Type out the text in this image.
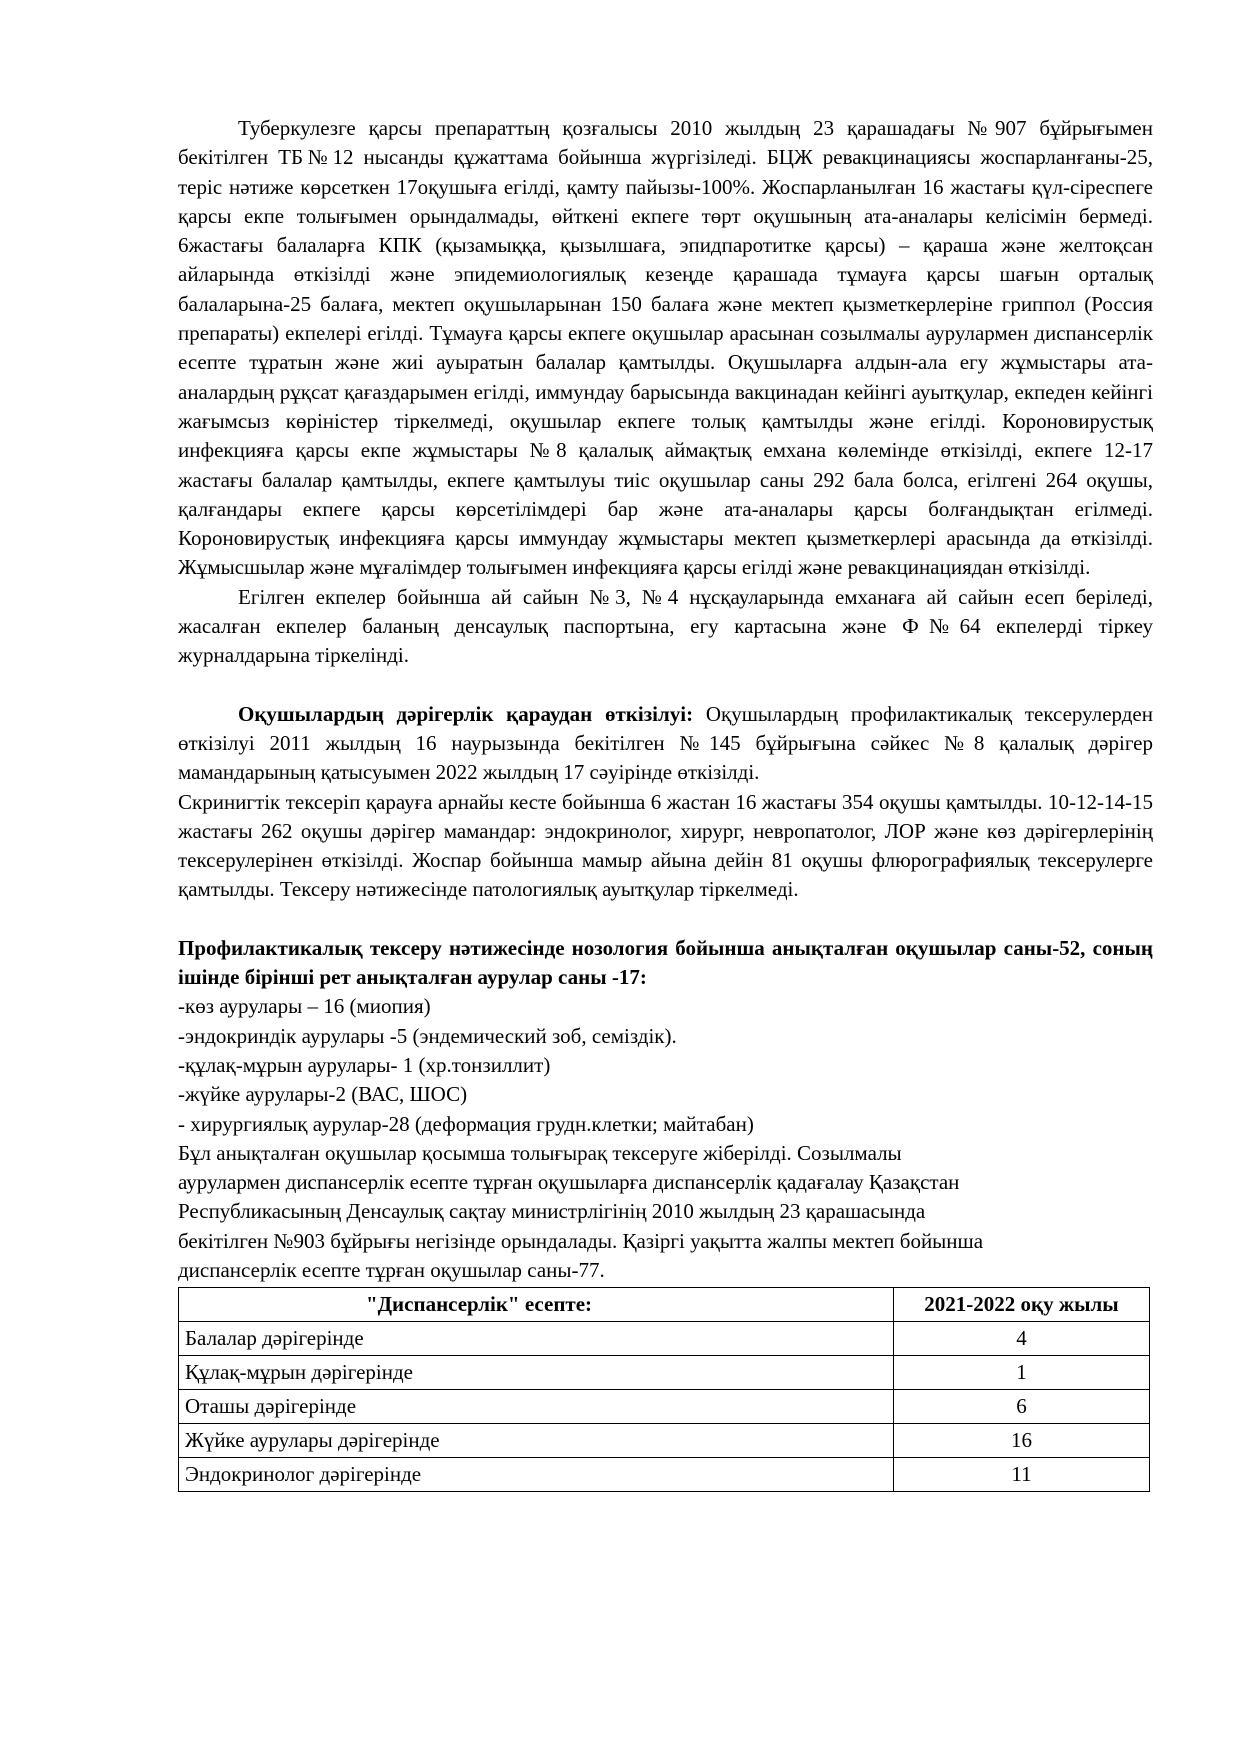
Туберкулезге қарсы препараттың қозғалысы 2010 жылдың 23 қарашадағы №907 бұйрығымен бекітілген ТБ№12 нысанды құжаттама бойынша жүргізіледі. БЦЖ ревакцинациясы жоспарланғаны-25, теріс нәтиже көрсеткен 17оқушыға егілді, қамту пайызы-100%. Жоспарланылған 16 жастағы қүл-сіреспеге қарсы екпе толығымен орындалмады, өйткені екпеге төрт оқушының ата-аналары келісімін бермеді. 6жастағы балаларға КПК (қызамыққа, қызылшаға, эпидпаротитке қарсы) – қараша және желтоқсан айларында өткізілді және эпидемиологиялық кезеңде қарашада тұмауға қарсы шағын орталық балаларына-25 балаға, мектеп оқушыларынан 150 балаға және мектеп қызметкерлеріне гриппол (Россия препараты) екпелері егілді. Тұмауға қарсы екпеге оқушылар арасынан созылмалы аурулармен диспансерлік есепте тұратын және жиі ауыратын балалар қамтылды. Оқушыларға алдын-ала егу жұмыстары ата-аналардың рұқсат қағаздарымен егілді, иммундау барысында вакцинадан кейінгі ауытқулар, екпеден кейінгі жағымсыз көріністер тіркелмеді, оқушылар екпеге толық қамтылды және егілді. Короновирустық инфекцияға қарсы екпе жұмыстары №8 қалалық аймақтық емхана көлемінде өткізілді, екпеге 12-17 жастағы балалар қамтылды, екпеге қамтылуы тиіс оқушылар саны 292 бала болса, егілгені 264 оқушы, қалғандары екпеге қарсы көрсетілімдері бар және ата-аналары қарсы болғандықтан егілмеді. Короновирустық инфекцияға қарсы иммундау жұмыстары мектеп қызметкерлері арасында да өткізілді. Жұмысшылар және мұғалімдер толығымен инфекцияға қарсы егілді және ревакцинациядан өткізілді.

Егілген екпелер бойынша ай сайын №3, №4 нұсқауларында емханаға ай сайын есеп беріледі, жасалған екпелер баланың денсаулық паспортына, егу картасына және Ф№64 екпелерді тіркеу журналдарына тіркелінді.

Оқушылардың дәрігерлік қараудан өткізілуі: Оқушылардың профилактикалық тексерулерден өткізілуі 2011 жылдың 16 наурызында бекітілген №145 бұйрығына сәйкес №8 қалалық дәрігер мамандарының қатысуымен 2022 жылдың 17 сәуірінде өткізілді.

Скринигтік тексеріп қарауға арнайы кесте бойынша 6 жастан 16 жастағы 354 оқушы қамтылды. 10-12-14-15 жастағы 262 оқушы дәрігер мамандар: эндокринолог, хирург, невропатолог, ЛОР және көз дәрігерлерінің тексерулерінен өткізілді. Жоспар бойынша мамыр айына дейін 81 оқушы флюрографиялық тексерулерге қамтылды. Тексеру нәтижесінде патологиялық ауытқулар тіркелмеді.

Профилактикалық тексеру нәтижесінде нозология бойынша анықталған оқушылар саны-52, соның ішінде бірінші рет анықталған аурулар саны -17:

-көз аурулары – 16 (миопия)
-эндокриндік аурулары -5 (эндемический зоб, семіздік).
-құлақ-мұрын аурулары- 1 (хр.тонзиллит)
-жүйке аурулары-2 (ВАС, ШОС)
- хирургиялық аурулар-28 (деформация грудн.клетки; майтабан)
Бұл анықталған оқушылар қосымша толығырақ тексеруге жіберілді. Созылмалы
аурулармен диспансерлік есепте тұрған оқушыларға диспансерлік қадағалау Қазақстан
Республикасының Денсаулық сақтау министрлігінің 2010 жылдың 23 қарашасында
бекітілген №903 бұйрығы негізінде орындалады. Қазіргі уақытта жалпы мектеп бойынша
диспансерлік есепте тұрған оқушылар саны-77.
"Диспансерлік" есепте:	2021-2022 оқу жылы
Балалар дәрігерінде	4
Құлақ-мұрын дәрігерінде	1
Оташы дәрігерінде	6
Жүйке аурулары дәрігерінде	16
Эндокринолог дәрігерінде	11
